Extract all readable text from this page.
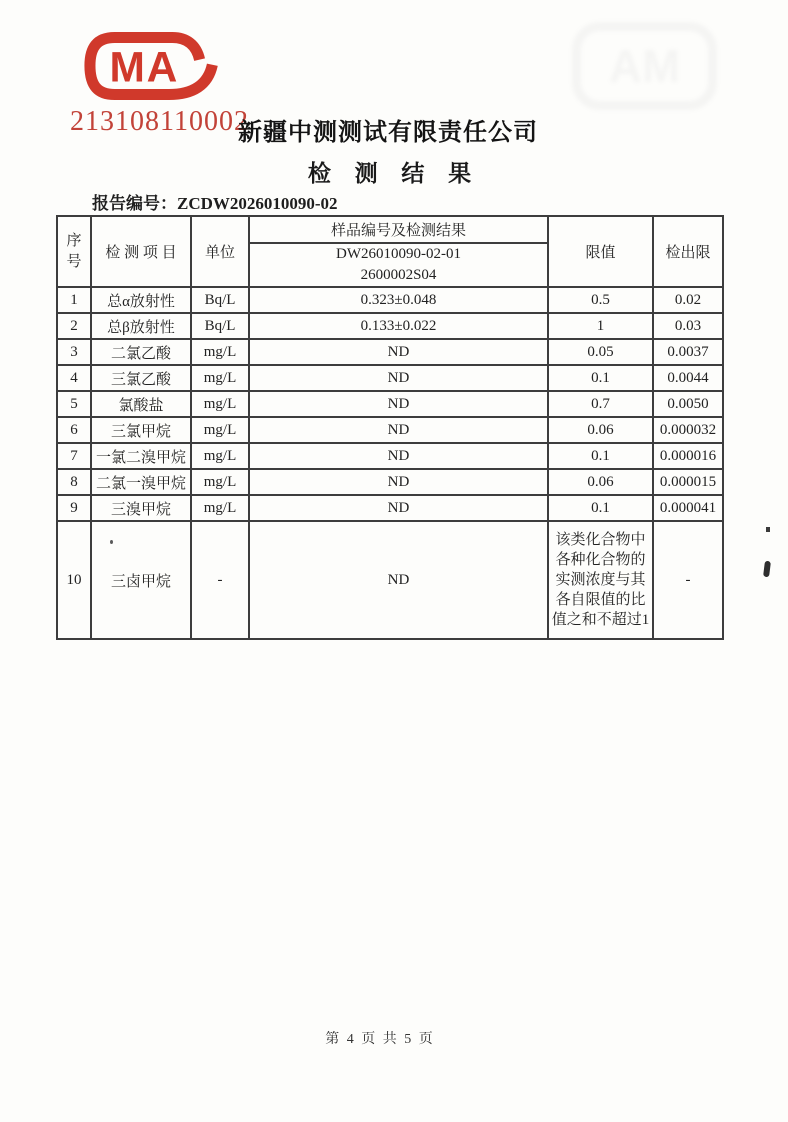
MA
MA
213108110002
新疆中测测试有限责任公司
检 测 结 果
报告编号：ZCDW2026010090-02
序号	检 测 项 目	单位	样品编号及检测结果	限值	检出限

			DW26010090-02-01
2600002S04		

1	总α放射性	Bq/L	0.323±0.048	0.5	0.02
2	总β放射性	Bq/L	0.133±0.022	1	0.03
3	二氯乙酸	mg/L	ND	0.05	0.0037
4	三氯乙酸	mg/L	ND	0.1	0.0044
5	氯酸盐	mg/L	ND	0.7	0.0050
6	三氯甲烷	mg/L	ND	0.06	0.000032
7	一氯二溴甲烷	mg/L	ND	0.1	0.000016
8	二氯一溴甲烷	mg/L	ND	0.06	0.000015
9	三溴甲烷	mg/L	ND	0.1	0.000041
10	三卤甲烷	-	ND	该类化合物中各种化合物的实测浓度与其各自限值的比值之和不超过1	-
第 4 页 共 5 页
